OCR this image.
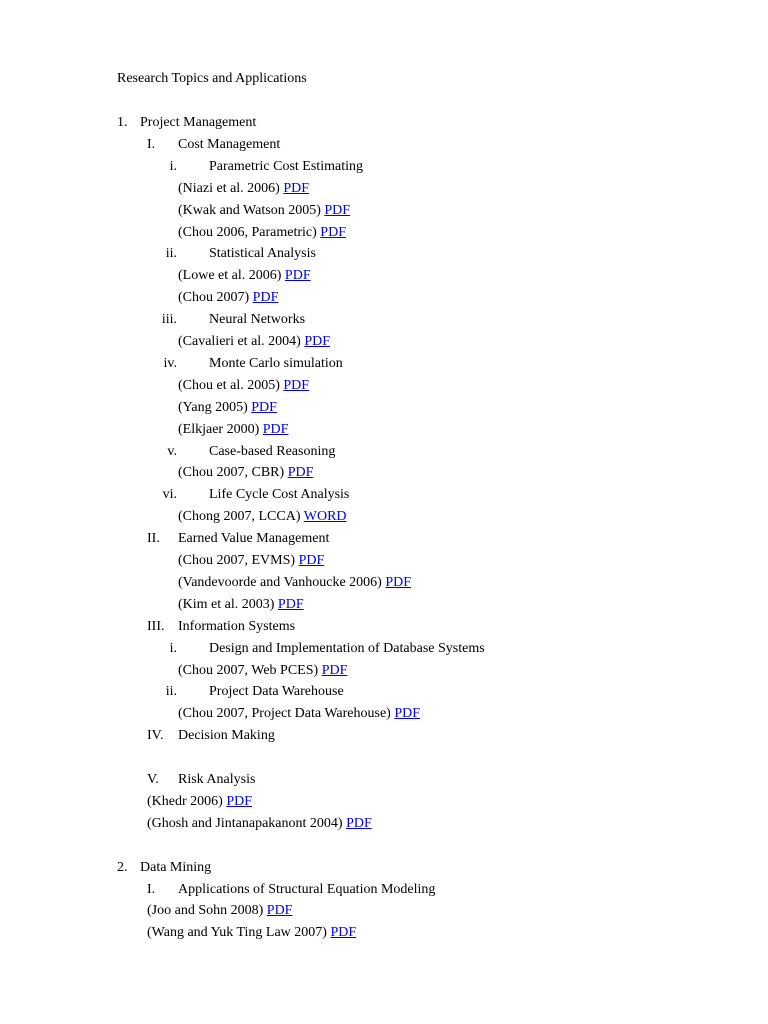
Research Topics and Applications
1. Project Management
I. Cost Management
i. Parametric Cost Estimating
(Niazi et al. 2006) PDF
(Kwak and Watson 2005) PDF
(Chou 2006, Parametric) PDF
ii. Statistical Analysis
(Lowe et al. 2006) PDF
(Chou 2007) PDF
iii. Neural Networks
(Cavalieri et al. 2004) PDF
iv. Monte Carlo simulation
(Chou et al. 2005) PDF
(Yang 2005) PDF
(Elkjaer 2000) PDF
v. Case-based Reasoning
(Chou 2007, CBR) PDF
vi. Life Cycle Cost Analysis
(Chong 2007, LCCA) WORD
II. Earned Value Management
(Chou 2007, EVMS) PDF
(Vandevoorde and Vanhoucke 2006) PDF
(Kim et al. 2003) PDF
III. Information Systems
i. Design and Implementation of Database Systems
(Chou 2007, Web PCES) PDF
ii. Project Data Warehouse
(Chou 2007, Project Data Warehouse) PDF
IV. Decision Making
V. Risk Analysis
(Khedr 2006) PDF
(Ghosh and Jintanapakanont 2004) PDF
2. Data Mining
I. Applications of Structural Equation Modeling
(Joo and Sohn 2008) PDF
(Wang and Yuk Ting Law 2007) PDF
